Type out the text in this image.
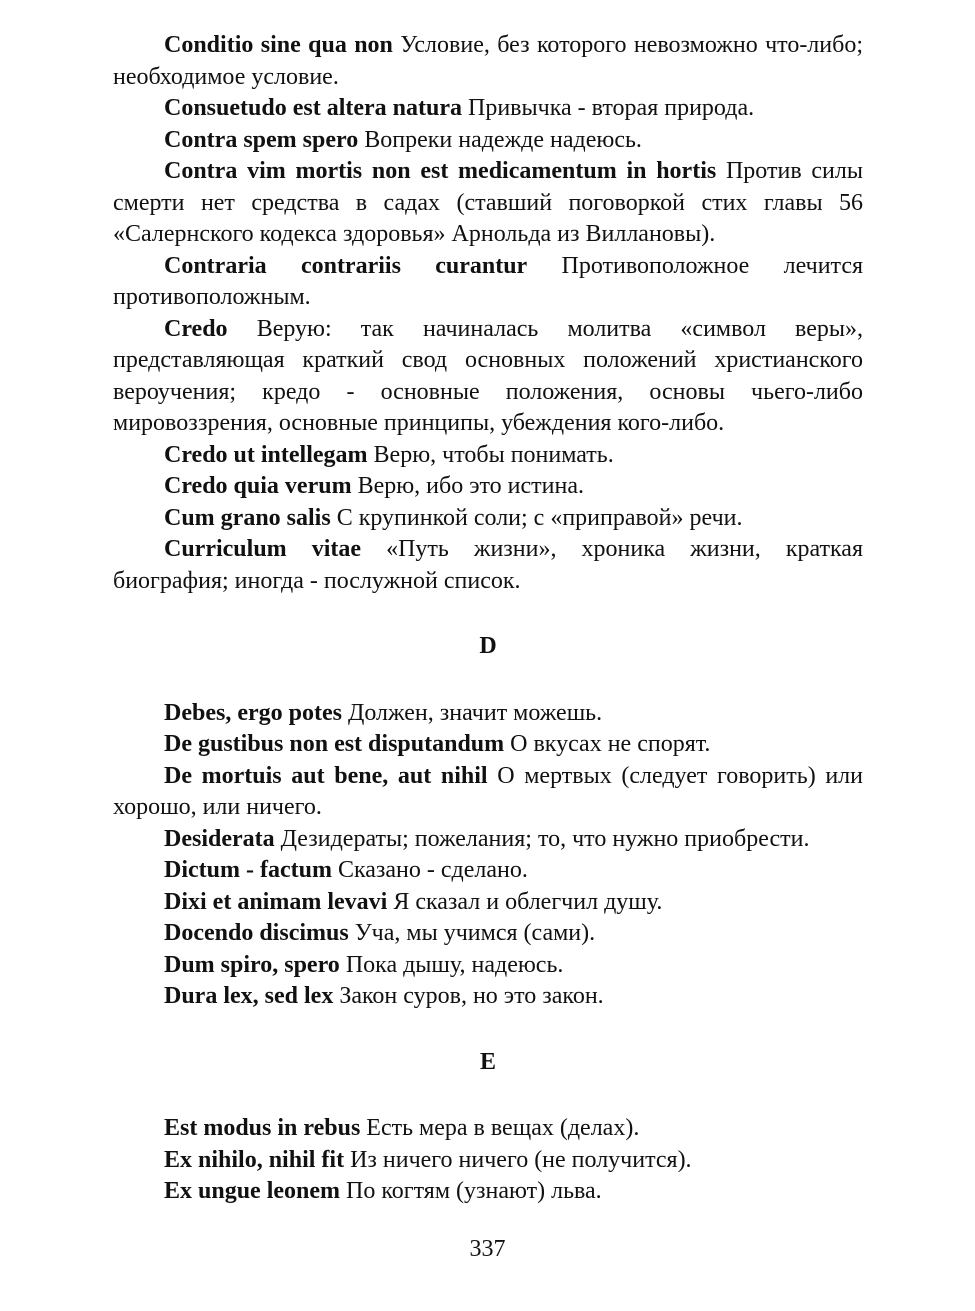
Conditio sine qua non Условие, без которого невозможно что-либо; необходимое условие.

Consuetudo est altera natura Привычка - вторая природа.

Contra spem spero Вопреки надежде надеюсь.

Contra vim mortis non est medicamentum in hortis Против силы смерти нет средства в садах (ставший поговоркой стих главы 56 «Салернского кодекса здоровья» Арнольда из Виллановы).

Contraria contrariis curantur Противоположное лечится противоположным.

Credo Верую: так начиналась молитва «символ веры», представляющая краткий свод основных положений христианского вероучения; кредо - основные положения, основы чьего-либо мировоззрения, основные принципы, убеждения кого-либо.

Credo ut intellegam Верю, чтобы понимать.

Credo quia verum Верю, ибо это истина.

Cum grano salis С крупинкой соли; с «приправой» речи.

Curriculum vitae «Путь жизни», хроника жизни, краткая биография; иногда - послужной список.

D

Debes, ergo potes Должен, значит можешь.

De gustibus non est disputandum О вкусах не спорят.

De mortuis aut bene, aut nihil О мертвых (следует говорить) или хорошо, или ничего.

Desiderata Дезидераты; пожелания; то, что нужно приобрести.

Dictum - factum Сказано - сделано.

Dixi et animam levavi Я сказал и облегчил душу.

Docendo discimus Уча, мы учимся (сами).

Dum spiro, spero Пока дышу, надеюсь.

Dura lex, sed lex Закон суров, но это закон.

E

Est modus in rebus Есть мера в вещах (делах).

Ex nihilo, nihil fit Из ничего ничего (не получится).

Ex ungue leonem По когтям (узнают) льва.

337
